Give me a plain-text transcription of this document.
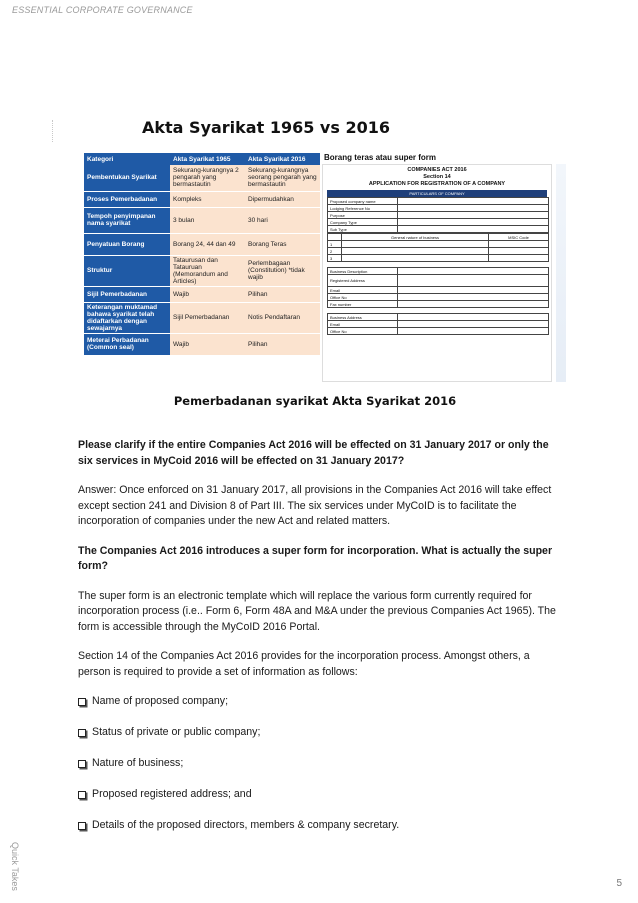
ESSENTIAL CORPORATE GOVERNANCE
Akta Syarikat 1965 vs 2016
Kategori	Akta Syarikat 1965	Akta Syarikat 2016
Pembentukan Syarikat	Sekurang-kurangnya 2 pengarah yang bermastautin	Sekurang-kurangnya seorang pengarah yang bermastautin
Proses Pemerbadanan	Kompleks	Dipermudahkan
Tempoh penyimpanan nama syarikat	3 bulan	30 hari
Penyatuan Borang	Borang 24, 44 dan 49	Borang Teras
Struktur	Tataurusan dan Tatauruan (Memorandum and Articles)	Perlembagaan (Constitution) *tidak wajib
Sijil Pemerbadanan	Wajib	Pilihan
Keterangan muktamad bahawa syarikat telah didaftarkan dengan sewajarnya	Sijil Pemerbadanan	Notis Pendaftaran
Meterai Perbadanan (Common seal)	Wajib	Pilihan
Borang teras atau super form
COMPANIES ACT 2016
Section 14
APPLICATION FOR REGISTRATION OF A COMPANY
PARTICULARS OF COMPANY
Proposed company name	
Lodging Reference No	
Purpose	
Company Type	
Sub Type	
	General nature of business	MSIC Code
1		
2		
3		
Business Description	
Registered Address	
Email	
Office No	
Fax number	
Business Address	
Email	
Office No	
Pemerbadanan syarikat Akta Syarikat 2016

Please clarify if the entire Companies Act 2016 will be effected on 31 January 2017 or only the six services in MyCoid 2016 will be effected on 31 January 2017?

Answer: Once enforced on 31 January 2017, all provisions in the Companies Act 2016 will take effect except section 241 and Division 8 of Part III. The six services under MyCoID is to facilitate the incorporation of companies under the new Act and related matters.

The Companies Act 2016 introduces a super form for incorporation. What is actually the super form?

The super form is an electronic template which will replace the various form currently required for incorporation process (i.e.. Form 6, Form 48A and M&A under the previous Companies Act 1965). The form is accessible through the MyCoID 2016 Portal.

Section 14 of the Companies Act 2016 provides for the incorporation process. Amongst others, a person is required to provide a set of information as follows:

Name of proposed company;
Status of private or public company;
Nature of business;
Proposed registered address; and
Details of the proposed directors, members & company secretary.
Quick Takes	5
